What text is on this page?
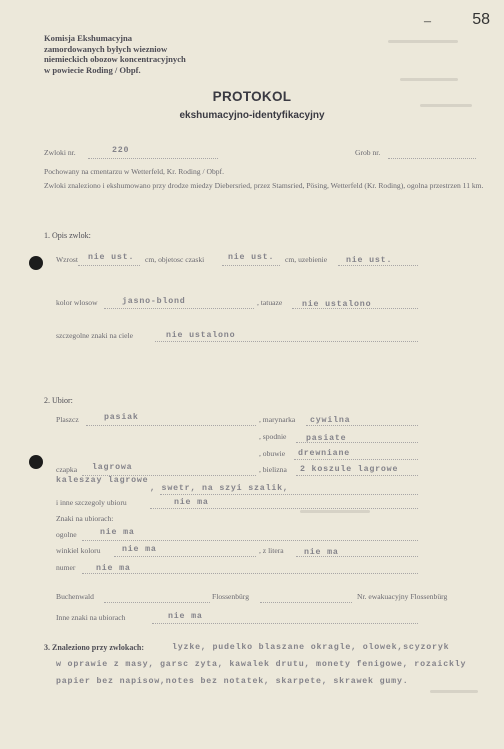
–	58
Komisja Ekshumacyjna
zamordowanych byłych wiezniow
niemieckich obozow koncentracyjnych
w powiecie Roding / Obpf.
PROTOKOL
ekshumacyjno-identyfikacyjny
Zwloki nr.	220	Grob nr.
Pochowany na cmentarzu w Wetterfeld, Kr. Roding / Obpf.
Zwloki znaleziono i ekshumowano przy drodze miedzy Diebersried, przez Stamsried, Pösing, Wetterfeld (Kr. Roding), ogolna przestrzen 11 km.
1. Opis zwlok:
Wzrost nie ust. cm, objetosc czaski	nie ust. cm, uzebienie nie ust.
kolor wlosow	jasno-blond	, tatuaze nie ustalono
szczegolne znaki na ciele	nie ustalono
2. Ubior:
Plaszcz	pasiak	, marynarka cywilna
, spodnie pasiate
, obuwie drewniane
czapka lagrowa	, bielizna 2 koszule lagrowe
kaleszay lagrowe
, swetr, na szyi szalik,
i inne szczegoly ubioru	nie ma
Znaki na ubiorach:
ogolne	nie ma
winkiel koloru	nie ma	, z litera nie ma
numer nie ma
Buchenwald	Flossenbürg	Nr. ewakuacyjny Flossenbürg
Inne znaki na ubiorach	nie ma
3. Znaleziono przy zwlokach:	lyzke, pudelko blaszane okragle, olowek,scyzoryk
w oprawie z masy, garsc zyta, kawalek drutu, monety fenigowe, rozaickly
papier bez napisow,notes bez notatek, skarpete, skrawek gumy.
